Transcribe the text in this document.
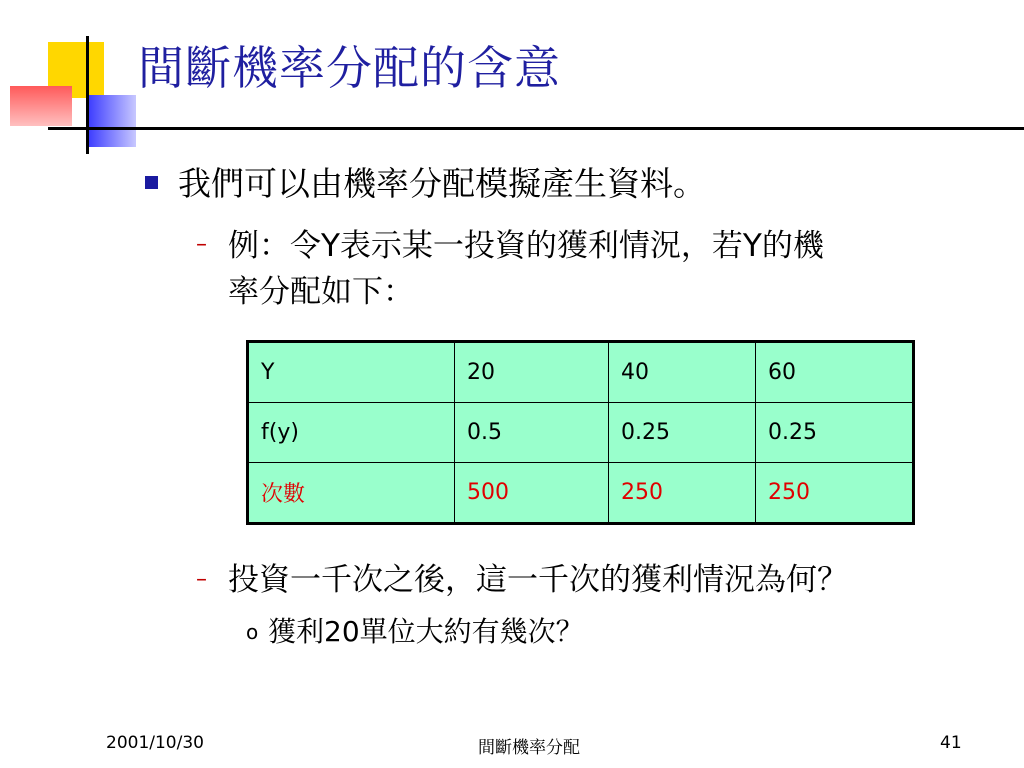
間斷機率分配的含意
我們可以由機率分配模擬產生資料。
– 例：令Y表示某一投資的獲利情況，若Y的機
率分配如下：
Y	20	40	60
f(y)	0.5	0.25	0.25
次數	500	250	250
– 投資一千次之後，這一千次的獲利情況為何？
o 獲利20單位大約有幾次？
2001/10/30	間斷機率分配	41
